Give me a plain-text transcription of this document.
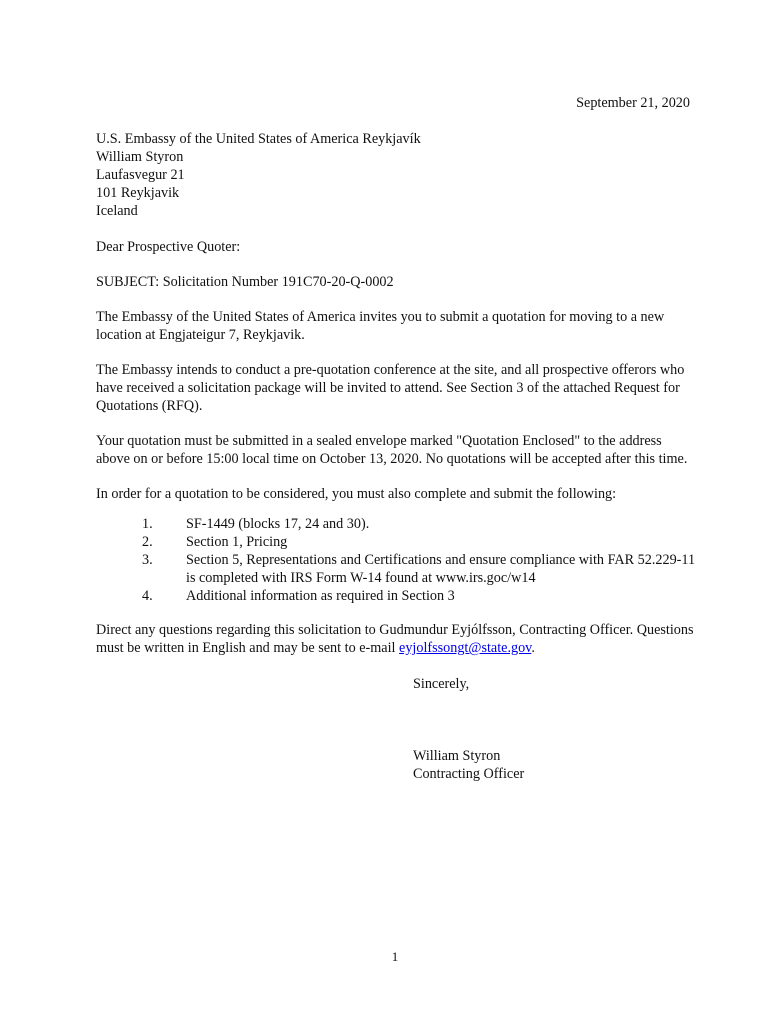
September 21, 2020
U.S. Embassy of the United States of America Reykjavík
William Styron
Laufasvegur 21
101 Reykjavik
Iceland

Dear Prospective Quoter:

SUBJECT: Solicitation Number 191C70-20-Q-0002

The Embassy of the United States of America invites you to submit a quotation for moving to a new location at Engjateigur 7, Reykjavik.

The Embassy intends to conduct a pre-quotation conference at the site, and all prospective offerors who have received a solicitation package will be invited to attend. See Section 3 of the attached Request for Quotations (RFQ).

Your quotation must be submitted in a sealed envelope marked "Quotation Enclosed" to the address above on or before 15:00 local time on October 13, 2020. No quotations will be accepted after this time.

In order for a quotation to be considered, you must also complete and submit the following:

1.	SF-1449 (blocks 17, 24 and 30).
2.	Section 1, Pricing
3.	Section 5, Representations and Certifications and ensure compliance with FAR 52.229-11 is completed with IRS Form W-14 found at www.irs.goc/w14
4.	Additional information as required in Section 3

Direct any questions regarding this solicitation to Gudmundur Eyjólfsson, Contracting Officer. Questions must be written in English and may be sent to e-mail eyjolfssongt@state.gov.

Sincerely,
William Styron
Contracting Officer
1
